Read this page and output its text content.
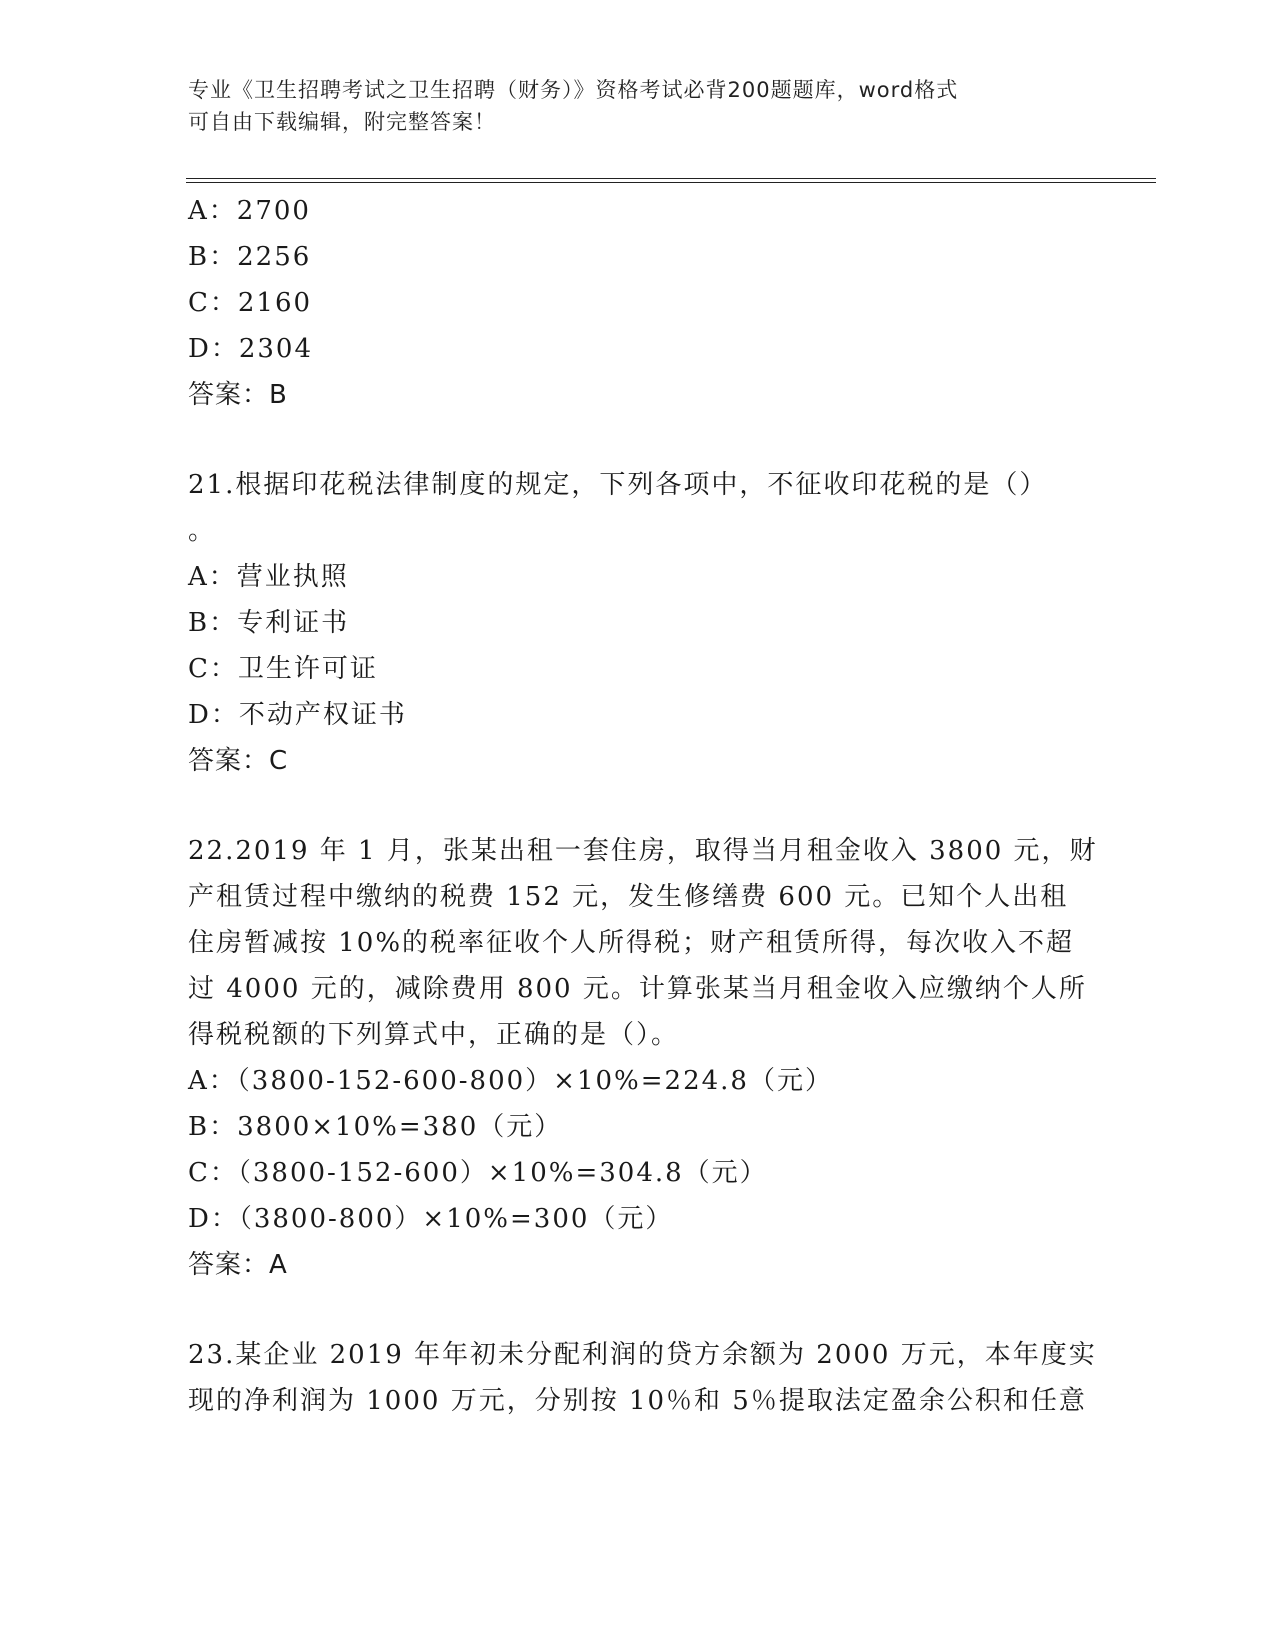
专业《卫生招聘考试之卫生招聘（财务）》资格考试必背200题题库，word格式
可自由下载编辑，附完整答案！
A：2700
B：2256
C：2160
D：2304
答案：B
21.根据印花税法律制度的规定，下列各项中，不征收印花税的是（）
。
A：营业执照
B：专利证书
C：卫生许可证
D：不动产权证书
答案：C
22.2019 年 1 月，张某出租一套住房，取得当月租金收入 3800 元，财
产租赁过程中缴纳的税费 152 元，发生修缮费 600 元。已知个人出租
住房暂减按 10%的税率征收个人所得税；财产租赁所得，每次收入不超
过 4000 元的，减除费用 800 元。计算张某当月租金收入应缴纳个人所
得税税额的下列算式中，正确的是（）。
A：（3800-152-600-800）×10%=224.8（元）
B：3800×10%=380（元）
C：（3800-152-600）×10%=304.8（元）
D：（3800-800）×10%=300（元）
答案：A
23.某企业 2019 年年初未分配利润的贷方余额为 2000 万元，本年度实
现的净利润为 1000 万元，分别按 10％和 5％提取法定盈余公积和任意
